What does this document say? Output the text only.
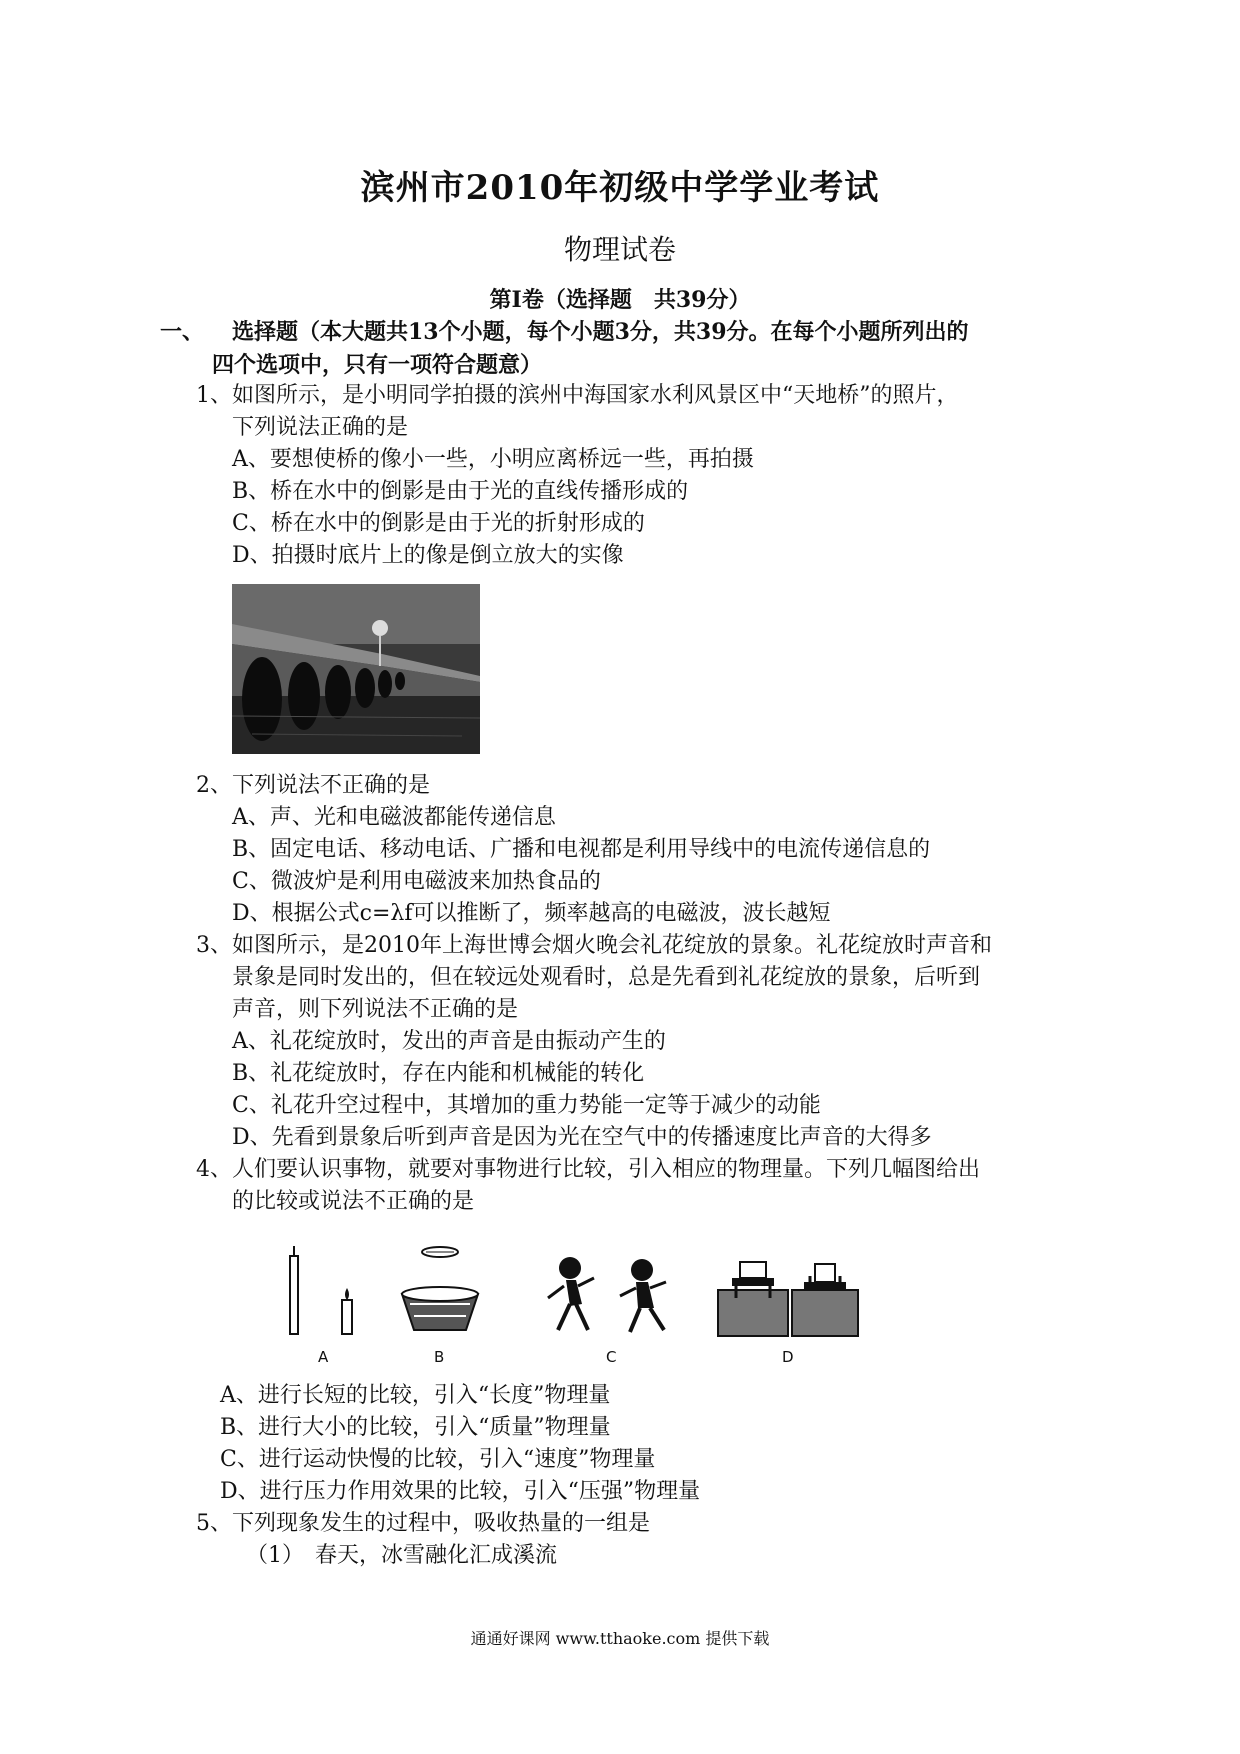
滨州市2010年初级中学学业考试
物理试卷
第Ⅰ卷（选择题　共39分）
一、 选择题（本大题共13个小题，每个小题3分，共39分。在每个小题所列出的
四个选项中，只有一项符合题意）
1、如图所示，是小明同学拍摄的滨州中海国家水利风景区中“天地桥”的照片，
下列说法正确的是
A、要想使桥的像小一些，小明应离桥远一些，再拍摄
B、桥在水中的倒影是由于光的直线传播形成的
C、桥在水中的倒影是由于光的折射形成的
D、拍摄时底片上的像是倒立放大的实像
2、下列说法不正确的是
A、声、光和电磁波都能传递信息
B、固定电话、移动电话、广播和电视都是利用导线中的电流传递信息的
C、微波炉是利用电磁波来加热食品的
D、根据公式c=λf可以推断了，频率越高的电磁波，波长越短
3、如图所示，是2010年上海世博会烟火晚会礼花绽放的景象。礼花绽放时声音和
景象是同时发出的，但在较远处观看时，总是先看到礼花绽放的景象，后听到
声音，则下列说法不正确的是
A、礼花绽放时，发出的声音是由振动产生的
B、礼花绽放时，存在内能和机械能的转化
C、礼花升空过程中，其增加的重力势能一定等于减少的动能
D、先看到景象后听到声音是因为光在空气中的传播速度比声音的大得多
4、人们要认识事物，就要对事物进行比较，引入相应的物理量。下列几幅图给出
的比较或说法不正确的是
A	B	C	D
A、进行长短的比较，引入“长度”物理量
B、进行大小的比较，引入“质量”物理量
C、进行运动快慢的比较，引入“速度”物理量
D、进行压力作用效果的比较，引入“压强”物理量
5、下列现象发生的过程中，吸收热量的一组是
（1）　春天，冰雪融化汇成溪流
通通好课网 www.tthaoke.com 提供下载
